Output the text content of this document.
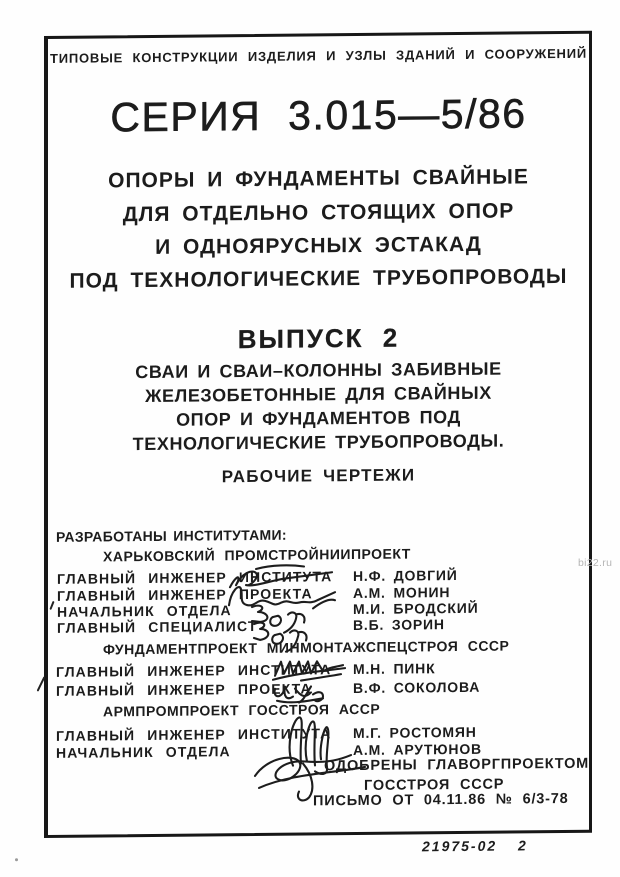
ТИПОВЫЕ КОНСТРУКЦИИ ИЗДЕЛИЯ И УЗЛЫ ЗДАНИЙ И СООРУЖЕНИЙ
СЕРИЯ 3.015—5/86
ОПОРЫ И ФУНДАМЕНТЫ СВАЙНЫЕ
ДЛЯ ОТДЕЛЬНО СТОЯЩИХ ОПОР
И ОДНОЯРУСНЫХ ЭСТАКАД
ПОД ТЕХНОЛОГИЧЕСКИЕ ТРУБОПРОВОДЫ
ВЫПУСК 2
СВАИ И СВАИ–КОЛОННЫ ЗАБИВНЫЕ
ЖЕЛЕЗОБЕТОННЫЕ ДЛЯ СВАЙНЫХ
ОПОР И ФУНДАМЕНТОВ ПОД
ТЕХНОЛОГИЧЕСКИЕ ТРУБОПРОВОДЫ.
РАБОЧИЕ ЧЕРТЕЖИ
РАЗРАБОТАНЫ ИНСТИТУТАМИ:
ХАРЬКОВСКИЙ ПРОМСТРОЙНИИПРОЕКТ
ГЛАВНЫЙ ИНЖЕНЕР ИНСТИТУТА Н.Ф. ДОВГИЙ
ГЛАВНЫЙ ИНЖЕНЕР ПРОЕКТА	А.М. МОНИН
НАЧАЛЬНИК ОТДЕЛА	М.И. БРОДСКИЙ
ГЛАВНЫЙ СПЕЦИАЛИСТ	В.Б. ЗОРИН
ФУНДАМЕНТПРОЕКТ МИНМОНТАЖСПЕЦСТРОЯ СССР
ГЛАВНЫЙ ИНЖЕНЕР ИНСТИТУТА М.Н. ПИНК
ГЛАВНЫЙ ИНЖЕНЕР ПРОЕКТА	В.Ф. СОКОЛОВА
АРМПРОМПРОЕКТ ГОССТРОЯ АССР
ГЛАВНЫЙ ИНЖЕНЕР ИНСТИТУТА М.Г. РОСТОМЯН
НАЧАЛЬНИК ОТДЕЛА	А.М. АРУТЮНОВ
ОДОБРЕНЫ ГЛАВОРГПРОЕКТОМ
ГОССТРОЯ СССР
ПИСЬМО ОТ 04.11.86 № 6/3-78
21975-02 2
bi22.ru
